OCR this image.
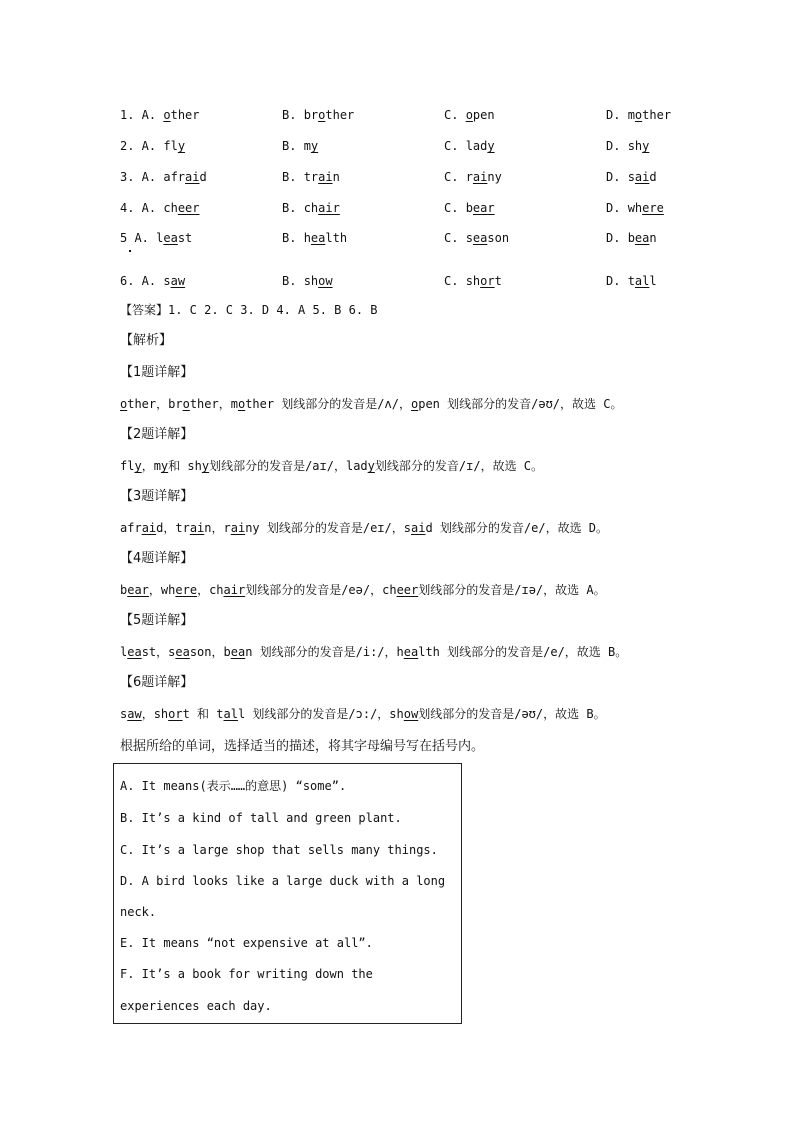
1. A. other	B. brother	C. open	D. mother
2. A. fly	B. my	C. lady	D. shy
3. A. afraid	B. train	C. rainy	D. said
4. A. cheer	B. chair	C. bear	D. where
5 A. least	B. health	C. season	D. bean
6. A. saw	B. show	C. short	D. tall
【答案】1. C 2. C 3. D 4. A 5. B 6. B
【解析】
【1题详解】
other，brother，mother 划线部分的发音是/ʌ/，open 划线部分的发音/əʊ/，故选 C。
【2题详解】
fly，my和 shy划线部分的发音是/aɪ/，lady划线部分的发音/ɪ/，故选 C。
【3题详解】
afraid，train，rainy 划线部分的发音是/eɪ/，said 划线部分的发音/e/，故选 D。
【4题详解】
bear，where，chair划线部分的发音是/eə/，cheer划线部分的发音是/ɪə/，故选 A。
【5题详解】
least，season，bean 划线部分的发音是/i:/，health 划线部分的发音是/e/，故选 B。
【6题详解】
saw，short 和 tall 划线部分的发音是/ɔ:/，show划线部分的发音是/əʊ/，故选 B。
根据所给的单词，选择适当的描述，将其字母编号写在括号内。
A. It means(表示……的意思) “some”.
B. It’s a kind of tall and green plant.
C. It’s a large shop that sells many things.
D. A bird looks like a large duck with a long
neck.
E. It means “not expensive at all”.
F. It’s a book for writing down the
experiences each day.
